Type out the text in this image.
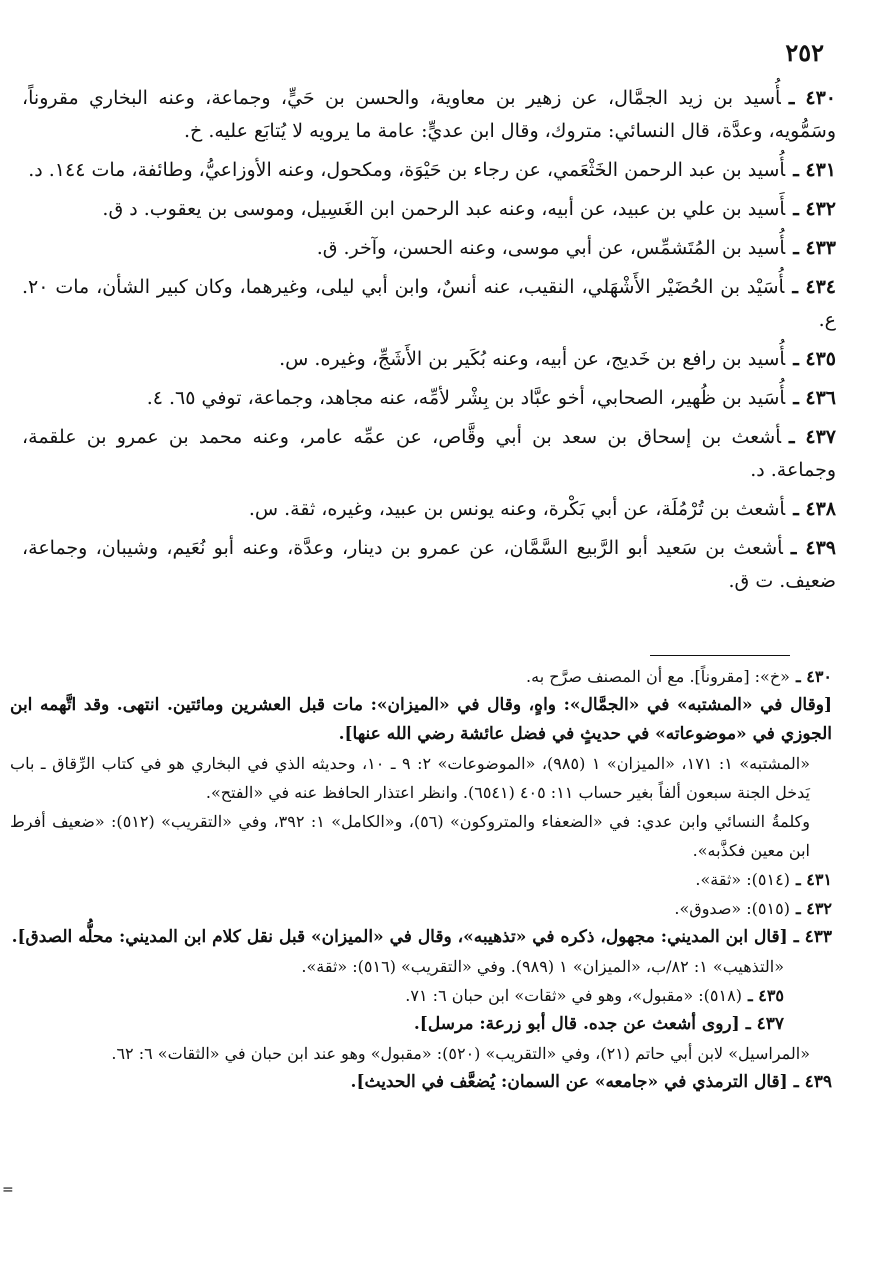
٢٥٢

٤٣٠ ـأُسيد بن زيد الجمَّال، عن زهير بن معاوية، والحسن بن حَيٍّ، وجماعة، وعنه البخاري مقروناً، وسَمُّويه، وعدَّة، قال النسائي: متروك، وقال ابن عديٍّ: عامة ما يرويه لا يُتابَع عليه. خ.

٤٣١ ـأُسيد بن عبد الرحمن الخَثْعَمي، عن رجاء بن حَيْوَة، ومكحول، وعنه الأوزاعيُّ، وطائفة، مات ١٤٤. د.

٤٣٢ ـأَسيد بن علي بن عبيد، عن أبيه، وعنه عبد الرحمن ابن الغَسِيل، وموسى بن يعقوب. د ق.

٤٣٣ ـأُسيد بن المُتَشمِّس، عن أبي موسى، وعنه الحسن، وآخر. ق.

٤٣٤ ـأُسَيْد بن الحُضَيْر الأَشْهَلي، النقيب، عنه أنسٌ، وابن أبي ليلى، وغيرهما، وكان كبير الشأن، مات ٢٠. ع.

٤٣٥ ـأُسيد بن رافع بن خَديج، عن أبيه، وعنه بُكَير بن الأَشَجِّ، وغيره. س.

٤٣٦ ـأُسَيد بن ظُهير، الصحابي، أخو عبَّاد بن بِشْر لأمِّه، عنه مجاهد، وجماعة، توفي ٦٥. ٤.

٤٣٧ ـأشعث بن إسحاق بن سعد بن أبي وقَّاص، عن عمِّه عامر، وعنه محمد بن عمرو بن علقمة، وجماعة. د.

٤٣٨ ـأشعث بن تُرْمُلَة، عن أبي بَكْرة، وعنه يونس بن عبيد، وغيره، ثقة. س.

٤٣٩ ـأشعث بن سَعيد أبو الرَّبيع السَّمَّان، عن عمرو بن دينار، وعدَّة، وعنه أبو نُعَيم، وشيبان، وجماعة، ضعيف. ت ق.

٤٣٠ ـ«خ»: [مقروناً]. مع أن المصنف صرَّح به.

[وقال في «المشتبه» في «الجمَّال»: واهٍ، وقال في «الميزان»: مات قبل العشرين ومائتين. انتهى. وقد اتَّهمه ابن الجوزي في «موضوعاته» في حديثٍ في فضل عائشة رضي الله عنها].

«المشتبه» ١: ١٧١، «الميزان» ١ (٩٨٥)، «الموضوعات» ٢: ٩ ـ ١٠، وحديثه الذي في البخاري هو في كتاب الرِّقاق ـ باب يَدخل الجنة سبعون ألفاً بغير حساب ١١: ٤٠٥ (٦٥٤١). وانظر اعتذار الحافظ عنه في «الفتح».

وكلمةُ النسائي وابن عدي: في «الضعفاء والمتروكون» (٥٦)، و«الكامل» ١: ٣٩٢، وفي «التقريب» (٥١٢): «ضعيف أفرط ابن معين فكذَّبه».

٤٣١ ـ(٥١٤): «ثقة».

٤٣٢ ـ(٥١٥): «صدوق».

٤٣٣ ـ[قال ابن المديني: مجهول، ذكره في «تذهيبه»، وقال في «الميزان» قبل نقل كلام ابن المديني: محلُّه الصدق].

«التذهيب» ١: ٨٢/ب، «الميزان» ١ (٩٨٩). وفي «التقريب» (٥١٦): «ثقة».

٤٣٥ ـ(٥١٨): «مقبول»، وهو في «ثقات» ابن حبان ٦: ٧١.

٤٣٧ ـ[روى أشعث عن جده. قال أبو زرعة: مرسل].

«المراسيل» لابن أبي حاتم (٢١)، وفي «التقريب» (٥٢٠): «مقبول» وهو عند ابن حبان في «الثقات» ٦: ٦٢.

٤٣٩ ـ[قال الترمذي في «جامعه» عن السمان: يُضعَّف في الحديث].

=
